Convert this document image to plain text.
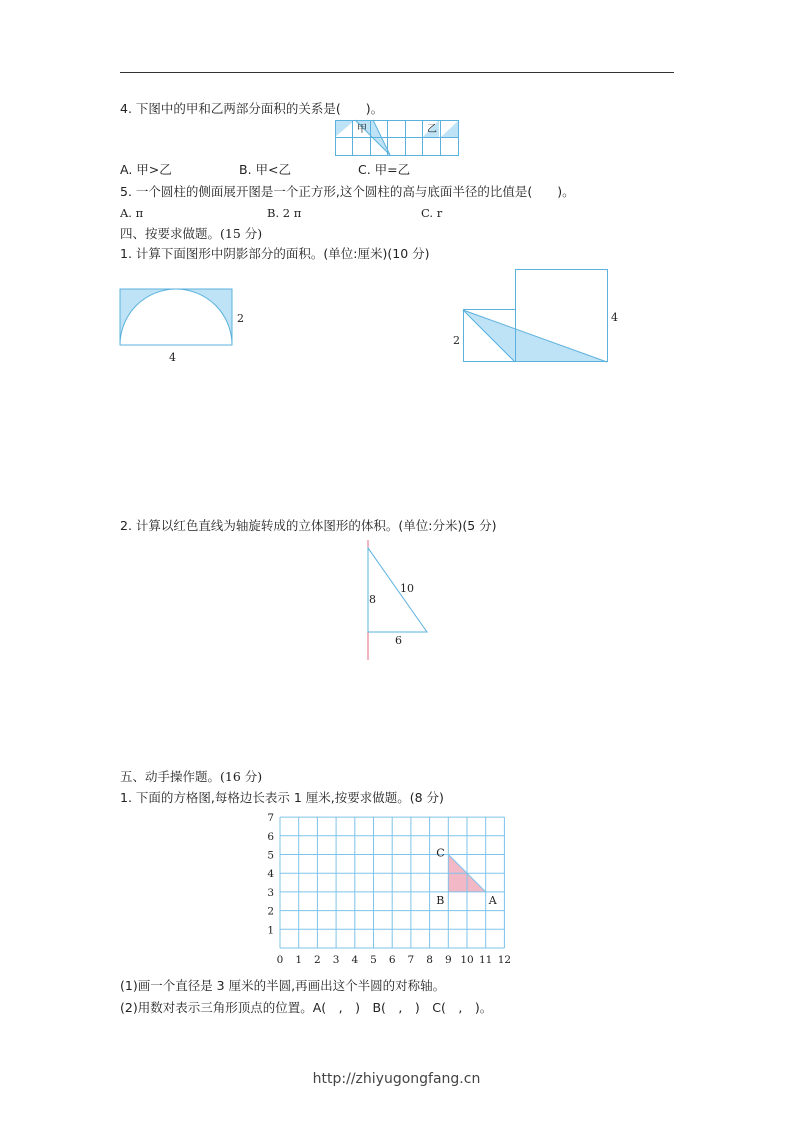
4. 下图中的甲和乙两部分面积的关系是(　　)。
甲	乙
A. 甲>乙	B. 甲<乙	C. 甲=乙
5. 一个圆柱的侧面展开图是一个正方形,这个圆柱的高与底面半径的比值是(　　)。
A. π	B. 2 π	C. r
四、按要求做题。(15 分)
1. 计算下面图形中阴影部分的面积。(单位:厘米)(10 分)
2
4
2
4
2. 计算以红色直线为轴旋转成的立体图形的体积。(单位:分米)(5 分)
8
10
6
五、动手操作题。(16 分)
1. 下面的方格图,每格边长表示 1 厘米,按要求做题。(8 分)
0 1 2 3 4 5 6 7 8 9 10 11 12
1
2
3
4
5
6
7
A
B
C
(1)画一个直径是 3 厘米的半圆,再画出这个半圆的对称轴。
(2)用数对表示三角形顶点的位置。A(　,　)　B(　,　)　C(　,　)。
http://zhiyugongfang.cn
